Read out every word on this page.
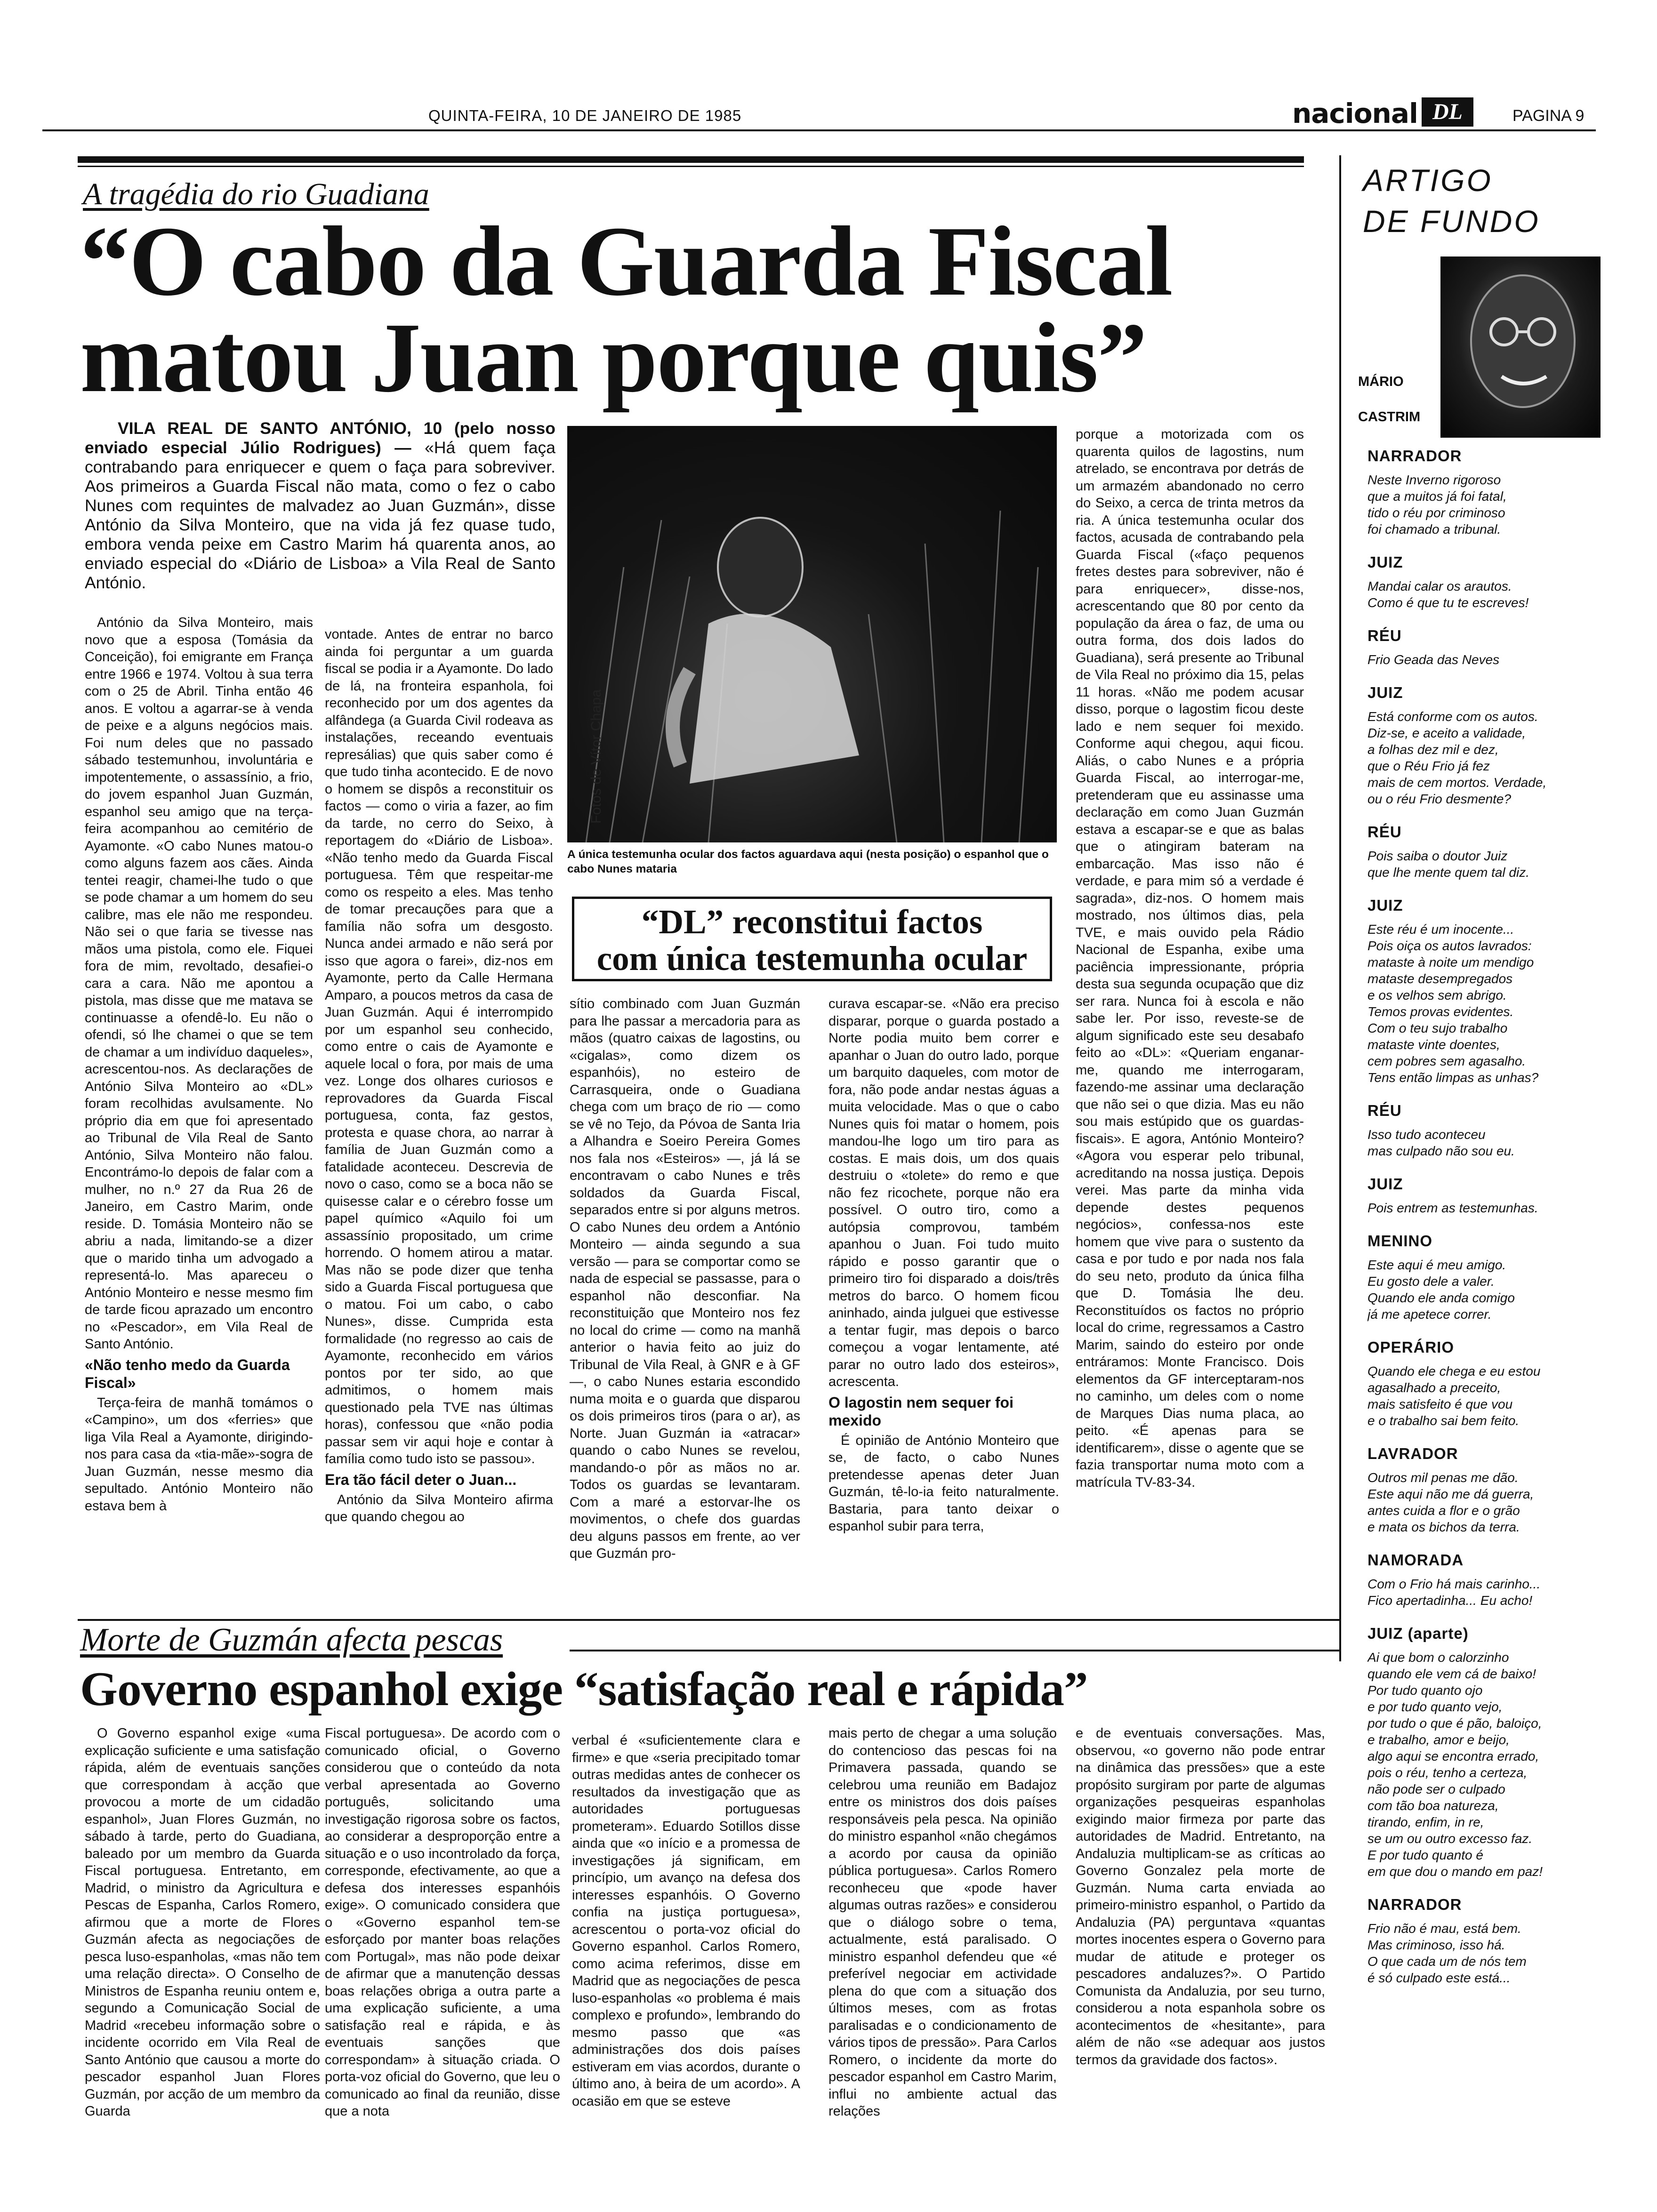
QUINTA-FEIRA, 10 DE JANEIRO DE 1985	nacional DL	PAGINA 9
A tragédia do rio Guadiana
“O cabo da Guarda Fiscal
matou Juan porque quis”
VILA REAL DE SANTO ANTÓNIO, 10 (pelo nosso enviado especial Júlio Rodrigues) — «Há quem faça contrabando para enriquecer e quem o faça para sobreviver. Aos primeiros a Guarda Fiscal não mata, como o fez o cabo Nunes com requintes de malvadez ao Juan Guzmán», disse António da Silva Monteiro, que na vida já fez quase tudo, embora venda peixe em Castro Marim há quarenta anos, ao enviado especial do «Diário de Lisboa» a Vila Real de Santo António.

António da Silva Monteiro, mais novo que a esposa (Tomásia da Conceição), foi emigrante em França entre 1966 e 1974. Voltou à sua terra com o 25 de Abril. Tinha então 46 anos. E voltou a agarrar-se à venda de peixe e a alguns negócios mais. Foi num deles que no passado sábado testemunhou, involuntária e impotentemente, o assassínio, a frio, do jovem espanhol Juan Guzmán, espanhol seu amigo que na terça-feira acompanhou ao cemitério de Ayamonte. «O cabo Nunes matou-o como alguns fazem aos cães. Ainda tentei reagir, chamei-lhe tudo o que se pode chamar a um homem do seu calibre, mas ele não me respondeu. Não sei o que faria se tivesse nas mãos uma pistola, como ele. Fiquei fora de mim, revoltado, desafiei-o cara a cara. Não me apontou a pistola, mas disse que me matava se continuasse a ofendê-lo. Eu não o ofendi, só lhe chamei o que se tem de chamar a um indivíduo daqueles», acrescentou-nos. As declarações de António Silva Monteiro ao «DL» foram recolhidas avulsamente. No próprio dia em que foi apresentado ao Tribunal de Vila Real de Santo António, Silva Monteiro não falou. Encontrámo-lo depois de falar com a mulher, no n.º 27 da Rua 26 de Janeiro, em Castro Marim, onde reside. D. Tomásia Monteiro não se abriu a nada, limitando-se a dizer que o marido tinha um advogado a representá-lo. Mas apareceu o António Monteiro e nesse mesmo fim de tarde ficou aprazado um encontro no «Pescador», em Vila Real de Santo António.

«Não tenho medo da Guarda Fiscal»

Terça-feira de manhã tomámos o «Campino», um dos «ferries» que liga Vila Real a Ayamonte, dirigindo-nos para casa da «tia-mãe»-sogra de Juan Guzmán, nesse mesmo dia sepultado. António Monteiro não estava bem à

vontade. Antes de entrar no barco ainda foi perguntar a um guarda fiscal se podia ir a Ayamonte. Do lado de lá, na fronteira espanhola, foi reconhecido por um dos agentes da alfândega (a Guarda Civil rodeava as instalações, receando eventuais represálias) que quis saber como é que tudo tinha acontecido. E de novo o homem se dispôs a reconstituir os factos — como o viria a fazer, ao fim da tarde, no cerro do Seixo, à reportagem do «Diário de Lisboa». «Não tenho medo da Guarda Fiscal portuguesa. Têm que respeitar-me como os respeito a eles. Mas tenho de tomar precauções para que a família não sofra um desgosto. Nunca andei armado e não será por isso que agora o farei», diz-nos em Ayamonte, perto da Calle Hermana Amparo, a poucos metros da casa de Juan Guzmán. Aqui é interrompido por um espanhol seu conhecido, como entre o cais de Ayamonte e aquele local o fora, por mais de uma vez. Longe dos olhares curiosos e reprovadores da Guarda Fiscal portuguesa, conta, faz gestos, protesta e quase chora, ao narrar à família de Juan Guzmán como a fatalidade aconteceu. Descrevia de novo o caso, como se a boca não se quisesse calar e o cérebro fosse um papel químico «Aquilo foi um assassínio propositado, um crime horrendo. O homem atirou a matar. Mas não se pode dizer que tenha sido a Guarda Fiscal portuguesa que o matou. Foi um cabo, o cabo Nunes», disse. Cumprida esta formalidade (no regresso ao cais de Ayamonte, reconhecido em vários pontos por ter sido, ao que admitimos, o homem mais questionado pela TVE nas últimas horas), confessou que «não podia passar sem vir aqui hoje e contar à família como tudo isto se passou».

Era tão fácil deter o Juan...

António da Silva Monteiro afirma que quando chegou ao

Fotos de Vítor Chapa
A única testemunha ocular dos factos aguardava aqui (nesta posição) o espanhol que o cabo Nunes mataria
“DL” reconstitui factos
com única testemunha ocular

sítio combinado com Juan Guzmán para lhe passar a mercadoria para as mãos (quatro caixas de lagostins, ou «cigalas», como dizem os espanhóis), no esteiro de Carrasqueira, onde o Guadiana chega com um braço de rio — como se vê no Tejo, da Póvoa de Santa Iria a Alhandra e Soeiro Pereira Gomes nos fala nos «Esteiros» —, já lá se encontravam o cabo Nunes e três soldados da Guarda Fiscal, separados entre si por alguns metros. O cabo Nunes deu ordem a António Monteiro — ainda segundo a sua versão — para se comportar como se nada de especial se passasse, para o espanhol não desconfiar. Na reconstituição que Monteiro nos fez no local do crime — como na manhã anterior o havia feito ao juiz do Tribunal de Vila Real, à GNR e à GF —, o cabo Nunes estaria escondido numa moita e o guarda que disparou os dois primeiros tiros (para o ar), as Norte. Juan Guzmán ia «atracar» quando o cabo Nunes se revelou, mandando-o pôr as mãos no ar. Todos os guardas se levantaram. Com a maré a estorvar-lhe os movimentos, o chefe dos guardas deu alguns passos em frente, ao ver que Guzmán pro-

curava escapar-se. «Não era preciso disparar, porque o guarda postado a Norte podia muito bem correr e apanhar o Juan do outro lado, porque um barquito daqueles, com motor de fora, não pode andar nestas águas a muita velocidade. Mas o que o cabo Nunes quis foi matar o homem, pois mandou-lhe logo um tiro para as costas. E mais dois, um dos quais destruiu o «tolete» do remo e que não fez ricochete, porque não era possível. O outro tiro, como a autópsia comprovou, também apanhou o Juan. Foi tudo muito rápido e posso garantir que o primeiro tiro foi disparado a dois/três metros do barco. O homem ficou aninhado, ainda julguei que estivesse a tentar fugir, mas depois o barco começou a vogar lentamente, até parar no outro lado dos esteiros», acrescenta.

O lagostin nem sequer foi mexido

É opinião de António Monteiro que se, de facto, o cabo Nunes pretendesse apenas deter Juan Guzmán, tê-lo-ia feito naturalmente. Bastaria, para tanto deixar o espanhol subir para terra,

porque a motorizada com os quarenta quilos de lagostins, num atrelado, se encontrava por detrás de um armazém abandonado no cerro do Seixo, a cerca de trinta metros da ria. A única testemunha ocular dos factos, acusada de contrabando pela Guarda Fiscal («faço pequenos fretes destes para sobreviver, não é para enriquecer», disse-nos, acrescentando que 80 por cento da população da área o faz, de uma ou outra forma, dos dois lados do Guadiana), será presente ao Tribunal de Vila Real no próximo dia 15, pelas 11 horas. «Não me podem acusar disso, porque o lagostim ficou deste lado e nem sequer foi mexido. Conforme aqui chegou, aqui ficou. Aliás, o cabo Nunes e a própria Guarda Fiscal, ao interrogar-me, pretenderam que eu assinasse uma declaração em como Juan Guzmán estava a escapar-se e que as balas que o atingiram bateram na embarcação. Mas isso não é verdade, e para mim só a verdade é sagrada», diz-nos. O homem mais mostrado, nos últimos dias, pela TVE, e mais ouvido pela Rádio Nacional de Espanha, exibe uma paciência impressionante, própria desta sua segunda ocupação que diz ser rara. Nunca foi à escola e não sabe ler. Por isso, reveste-se de algum significado este seu desabafo feito ao «DL»: «Queriam enganar-me, quando me interrogaram, fazendo-me assinar uma declaração que não sei o que dizia. Mas eu não sou mais estúpido que os guardas-fiscais». E agora, António Monteiro? «Agora vou esperar pelo tribunal, acreditando na nossa justiça. Depois verei. Mas parte da minha vida depende destes pequenos negócios», confessa-nos este homem que vive para o sustento da casa e por tudo e por nada nos fala do seu neto, produto da única filha que D. Tomásia lhe deu. Reconstituídos os factos no próprio local do crime, regressamos a Castro Marim, saindo do esteiro por onde entráramos: Monte Francisco. Dois elementos da GF interceptaram-nos no caminho, um deles com o nome de Marques Dias numa placa, ao peito. «É apenas para se identificarem», disse o agente que se fazia transportar numa moto com a matrícula TV-83-34.

ARTIGO
DE FUNDO
MÁRIO
CASTRIM
NARRADOR
Neste Inverno rigoroso
que a muitos já foi fatal,
tido o réu por criminoso
foi chamado a tribunal.
JUIZ
Mandai calar os arautos.
Como é que tu te escreves!
RÉU
Frio Geada das Neves
JUIZ
Está conforme com os autos.
Diz-se, e aceito a validade,
a folhas dez mil e dez,
que o Réu Frio já fez
mais de cem mortos. Verdade,
ou o réu Frio desmente?
RÉU
Pois saiba o doutor Juiz
que lhe mente quem tal diz.
JUIZ
Este réu é um inocente...
Pois oiça os autos lavrados:
mataste à noite um mendigo
mataste desempregados
e os velhos sem abrigo.
Temos provas evidentes.
Com o teu sujo trabalho
mataste vinte doentes,
cem pobres sem agasalho.
Tens então limpas as unhas?
RÉU
Isso tudo aconteceu
mas culpado não sou eu.
JUIZ
Pois entrem as testemunhas.
MENINO
Este aqui é meu amigo.
Eu gosto dele a valer.
Quando ele anda comigo
já me apetece correr.
OPERÁRIO
Quando ele chega e eu estou
agasalhado a preceito,
mais satisfeito é que vou
e o trabalho sai bem feito.
LAVRADOR
Outros mil penas me dão.
Este aqui não me dá guerra,
antes cuida a flor e o grão
e mata os bichos da terra.
NAMORADA
Com o Frio há mais carinho...
Fico apertadinha... Eu acho!
JUIZ (aparte)
Ai que bom o calorzinho
quando ele vem cá de baixo!
Por tudo quanto ojo
e por tudo quanto vejo,
por tudo o que é pão, baloiço,
e trabalho, amor e beijo,
algo aqui se encontra errado,
pois o réu, tenho a certeza,
não pode ser o culpado
com tão boa natureza,
tirando, enfim, in re,
se um ou outro excesso faz.
E por tudo quanto é
em que dou o mando em paz!
NARRADOR
Frio não é mau, está bem.
Mas criminoso, isso há.
O que cada um de nós tem
é só culpado este está...
Morte de Guzmán afecta pescas
Governo espanhol exige “satisfação real e rápida”

O Governo espanhol exige «uma explicação suficiente e uma satisfação rápida, além de eventuais sanções que correspondam à acção que provocou a morte de um cidadão espanhol», Juan Flores Guzmán, no sábado à tarde, perto do Guadiana, baleado por um membro da Guarda Fiscal portuguesa. Entretanto, em Madrid, o ministro da Agricultura e Pescas de Espanha, Carlos Romero, afirmou que a morte de Flores Guzmán afecta as negociações de pesca luso-espanholas, «mas não tem uma relação directa». O Conselho de Ministros de Espanha reuniu ontem e, segundo a Comunicação Social de Madrid «recebeu informação sobre o incidente ocorrido em Vila Real de Santo António que causou a morte do pescador espanhol Juan Flores Guzmán, por acção de um membro da Guarda

Fiscal portuguesa». De acordo com o comunicado oficial, o Governo considerou que o conteúdo da nota verbal apresentada ao Governo português, solicitando uma investigação rigorosa sobre os factos, ao considerar a desproporção entre a situação e o uso incontrolado da força, corresponde, efectivamente, ao que a defesa dos interesses espanhóis exige». O comunicado considera que o «Governo espanhol tem-se esforçado por manter boas relações com Portugal», mas não pode deixar de afirmar que a manutenção dessas boas relações obriga a outra parte a uma explicação suficiente, a uma satisfação real e rápida, e às eventuais sanções que correspondam» à situação criada. O porta-voz oficial do Governo, que leu o comunicado ao final da reunião, disse que a nota

verbal é «suficientemente clara e firme» e que «seria precipitado tomar outras medidas antes de conhecer os resultados da investigação que as autoridades portuguesas prometeram». Eduardo Sotillos disse ainda que «o início e a promessa de investigações já significam, em princípio, um avanço na defesa dos interesses espanhóis. O Governo confia na justiça portuguesa», acrescentou o porta-voz oficial do Governo espanhol. Carlos Romero, como acima referimos, disse em Madrid que as negociações de pesca luso-espanholas «o problema é mais complexo e profundo», lembrando do mesmo passo que «as administrações dos dois países estiveram em vias acordos, durante o último ano, à beira de um acordo». A ocasião em que se esteve

mais perto de chegar a uma solução do contencioso das pescas foi na Primavera passada, quando se celebrou uma reunião em Badajoz entre os ministros dos dois países responsáveis pela pesca. Na opinião do ministro espanhol «não chegámos a acordo por causa da opinião pública portuguesa». Carlos Romero reconheceu que «pode haver algumas outras razões» e considerou que o diálogo sobre o tema, actualmente, está paralisado. O ministro espanhol defendeu que «é preferível negociar em actividade plena do que com a situação dos últimos meses, com as frotas paralisadas e o condicionamento de vários tipos de pressão». Para Carlos Romero, o incidente da morte do pescador espanhol em Castro Marim, influi no ambiente actual das relações

e de eventuais conversações. Mas, observou, «o governo não pode entrar na dinâmica das pressões» que a este propósito surgiram por parte de algumas organizações pesqueiras espanholas exigindo maior firmeza por parte das autoridades de Madrid. Entretanto, na Andaluzia multiplicam-se as críticas ao Governo Gonzalez pela morte de Guzmán. Numa carta enviada ao primeiro-ministro espanhol, o Partido da Andaluzia (PA) perguntava «quantas mortes inocentes espera o Governo para mudar de atitude e proteger os pescadores andaluzes?». O Partido Comunista da Andaluzia, por seu turno, considerou a nota espanhola sobre os acontecimentos de «hesitante», para além de não «se adequar aos justos termos da gravidade dos factos».
